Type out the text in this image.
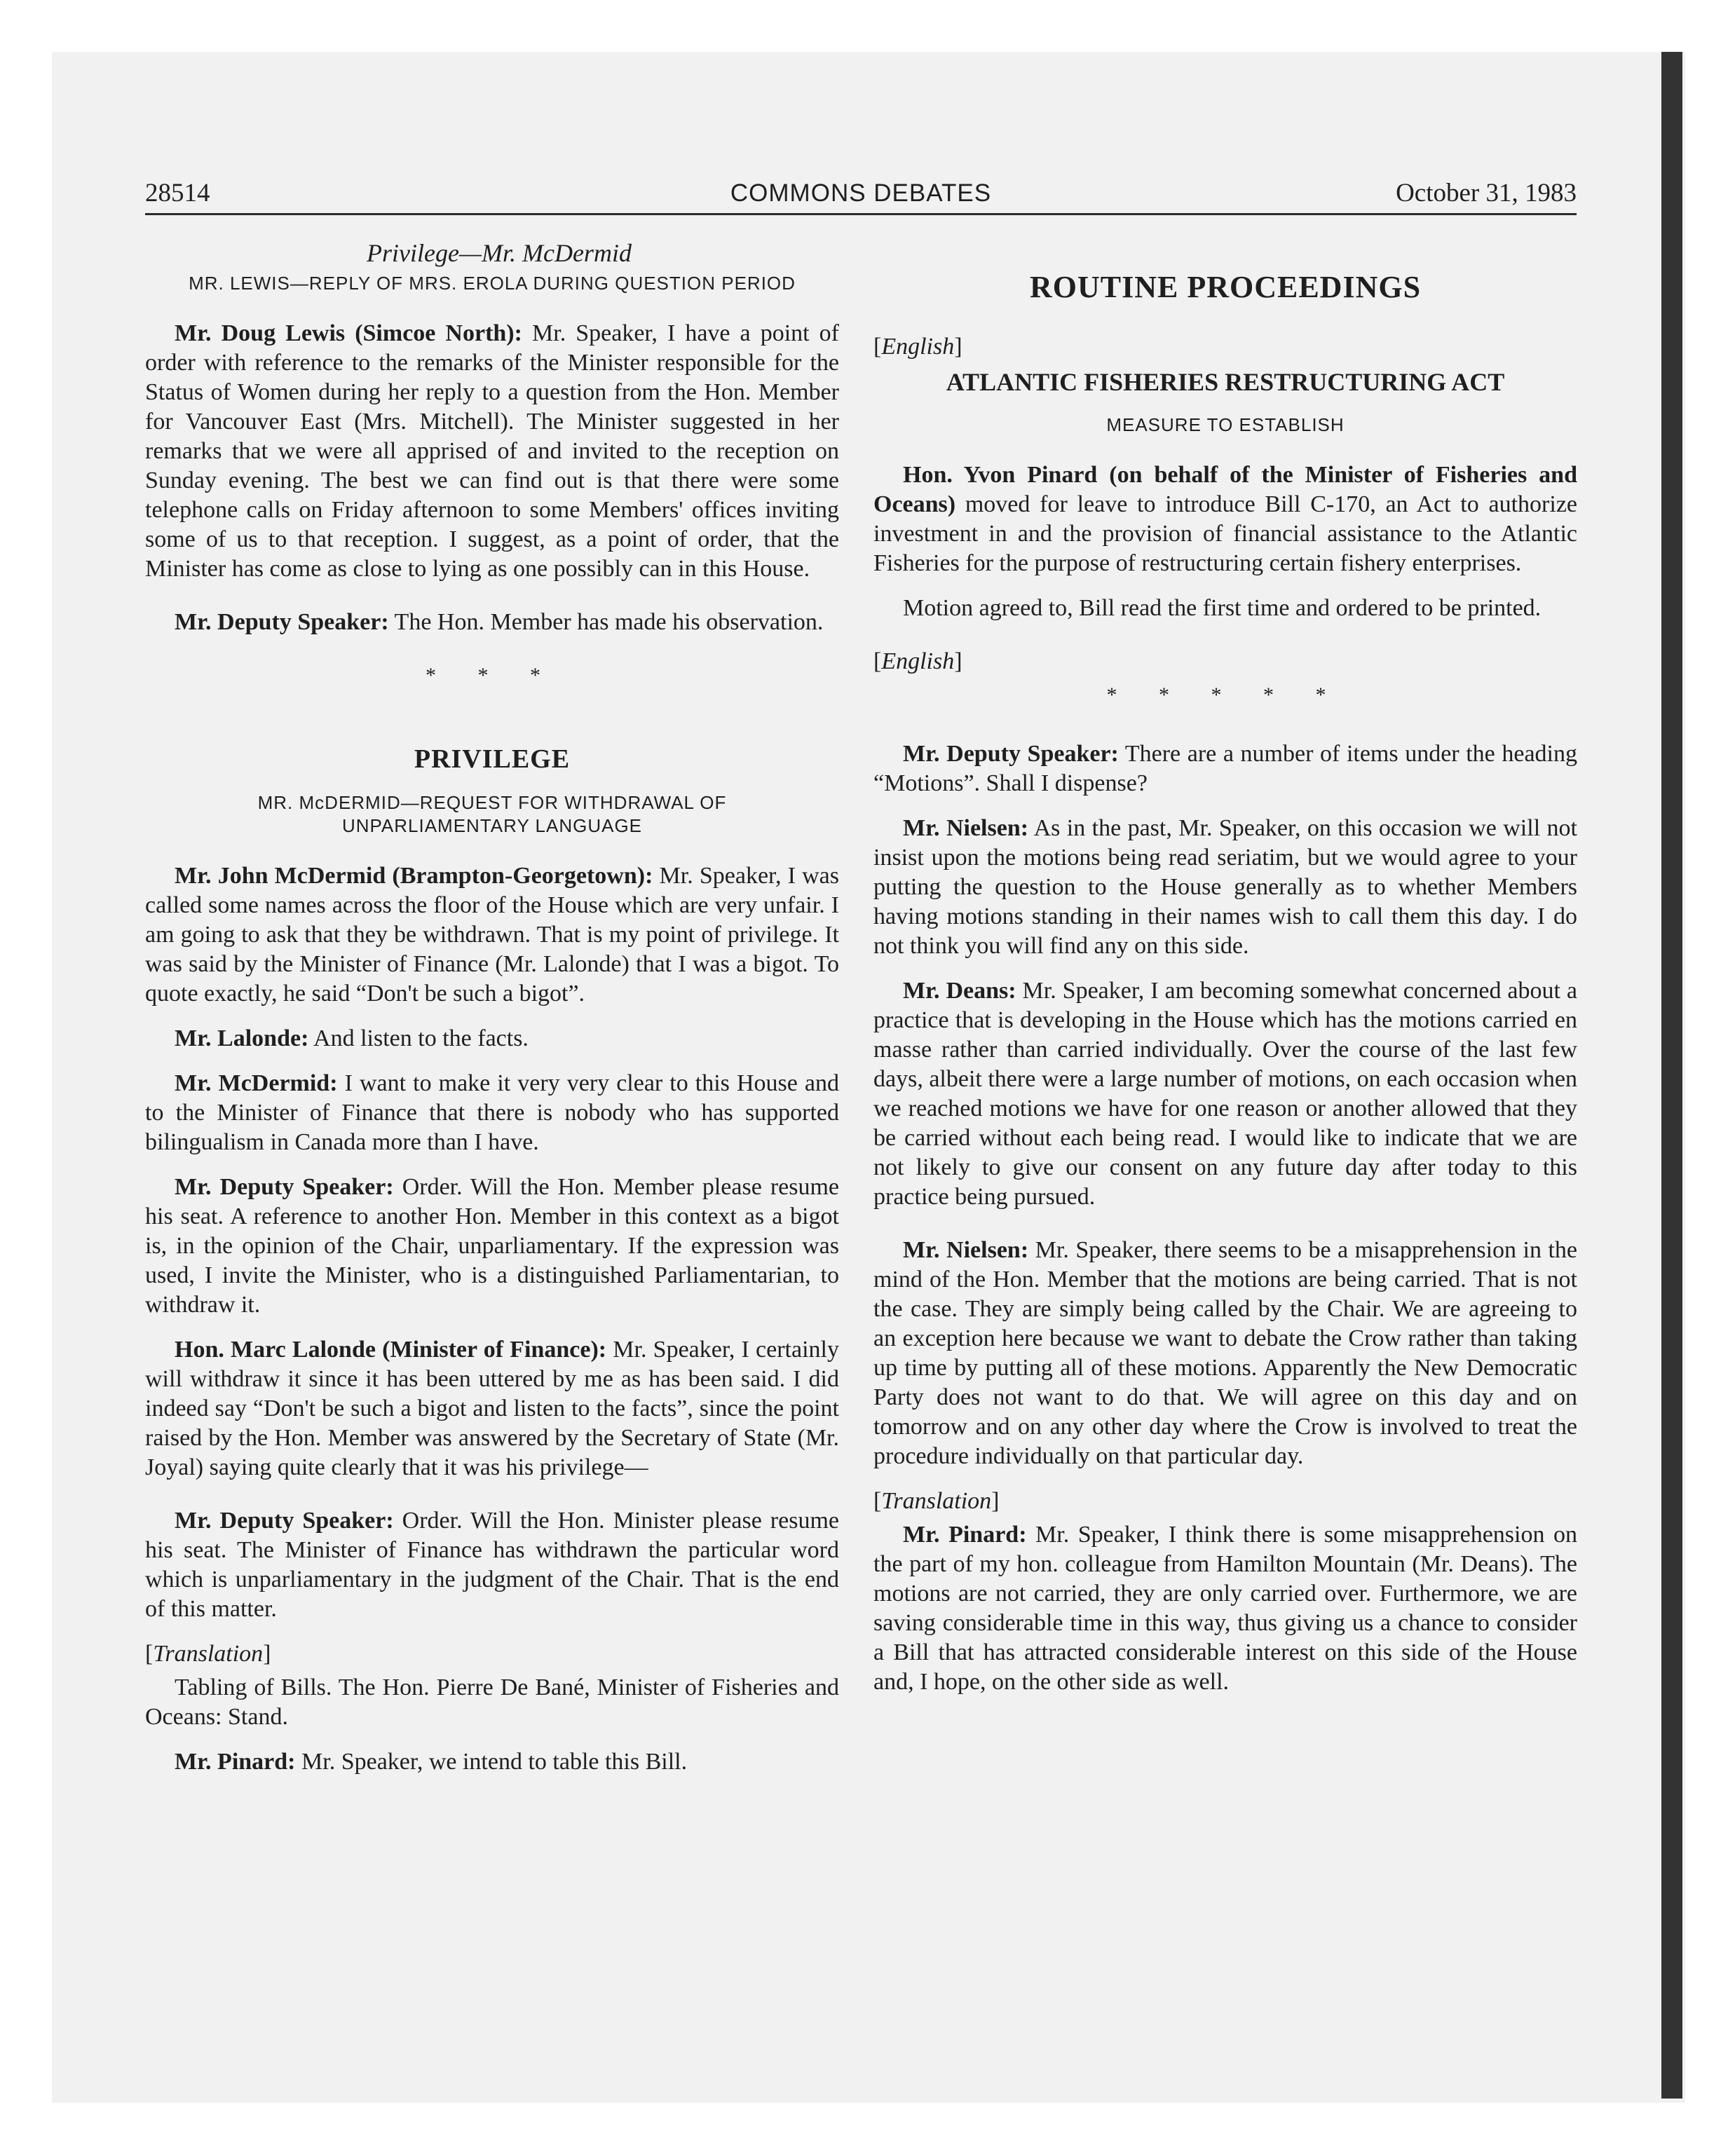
28514	COMMONS DEBATES	October 31, 1983
Privilege—Mr. McDermid
MR. LEWIS—REPLY OF MRS. EROLA DURING QUESTION PERIOD

Mr. Doug Lewis (Simcoe North): Mr. Speaker, I have a point of order with reference to the remarks of the Minister responsible for the Status of Women during her reply to a question from the Hon. Member for Vancouver East (Mrs. Mitchell). The Minister suggested in her remarks that we were all apprised of and invited to the reception on Sunday evening. The best we can find out is that there were some telephone calls on Friday afternoon to some Members' offices inviting some of us to that reception. I suggest, as a point of order, that the Minister has come as close to lying as one possibly can in this House.

Mr. Deputy Speaker: The Hon. Member has made his observation.

* * *
PRIVILEGE
MR. McDERMID—REQUEST FOR WITHDRAWAL OF
UNPARLIAMENTARY LANGUAGE

Mr. John McDermid (Brampton-Georgetown): Mr. Speaker, I was called some names across the floor of the House which are very unfair. I am going to ask that they be withdrawn. That is my point of privilege. It was said by the Minister of Finance (Mr. Lalonde) that I was a bigot. To quote exactly, he said “Don't be such a bigot”.

Mr. Lalonde: And listen to the facts.

Mr. McDermid: I want to make it very very clear to this House and to the Minister of Finance that there is nobody who has supported bilingualism in Canada more than I have.

Mr. Deputy Speaker: Order. Will the Hon. Member please resume his seat. A reference to another Hon. Member in this context as a bigot is, in the opinion of the Chair, unparliamentary. If the expression was used, I invite the Minister, who is a distinguished Parliamentarian, to withdraw it.

Hon. Marc Lalonde (Minister of Finance): Mr. Speaker, I certainly will withdraw it since it has been uttered by me as has been said. I did indeed say “Don't be such a bigot and listen to the facts”, since the point raised by the Hon. Member was answered by the Secretary of State (Mr. Joyal) saying quite clearly that it was his privilege—

Mr. Deputy Speaker: Order. Will the Hon. Minister please resume his seat. The Minister of Finance has withdrawn the particular word which is unparliamentary in the judgment of the Chair. That is the end of this matter.

[Translation]

Tabling of Bills. The Hon. Pierre De Bané, Minister of Fisheries and Oceans: Stand.

Mr. Pinard: Mr. Speaker, we intend to table this Bill.

ROUTINE PROCEEDINGS
[English]
ATLANTIC FISHERIES RESTRUCTURING ACT
MEASURE TO ESTABLISH

Hon. Yvon Pinard (on behalf of the Minister of Fisheries and Oceans) moved for leave to introduce Bill C-170, an Act to authorize investment in and the provision of financial assistance to the Atlantic Fisheries for the purpose of restructuring certain fishery enterprises.

Motion agreed to, Bill read the first time and ordered to be printed.

[English]
* * * * *

Mr. Deputy Speaker: There are a number of items under the heading “Motions”. Shall I dispense?

Mr. Nielsen: As in the past, Mr. Speaker, on this occasion we will not insist upon the motions being read seriatim, but we would agree to your putting the question to the House generally as to whether Members having motions standing in their names wish to call them this day. I do not think you will find any on this side.

Mr. Deans: Mr. Speaker, I am becoming somewhat concerned about a practice that is developing in the House which has the motions carried en masse rather than carried individually. Over the course of the last few days, albeit there were a large number of motions, on each occasion when we reached motions we have for one reason or another allowed that they be carried without each being read. I would like to indicate that we are not likely to give our consent on any future day after today to this practice being pursued.

Mr. Nielsen: Mr. Speaker, there seems to be a misapprehension in the mind of the Hon. Member that the motions are being carried. That is not the case. They are simply being called by the Chair. We are agreeing to an exception here because we want to debate the Crow rather than taking up time by putting all of these motions. Apparently the New Democratic Party does not want to do that. We will agree on this day and on tomorrow and on any other day where the Crow is involved to treat the procedure individually on that particular day.

[Translation]

Mr. Pinard: Mr. Speaker, I think there is some misapprehension on the part of my hon. colleague from Hamilton Mountain (Mr. Deans). The motions are not carried, they are only carried over. Furthermore, we are saving considerable time in this way, thus giving us a chance to consider a Bill that has attracted considerable interest on this side of the House and, I hope, on the other side as well.
